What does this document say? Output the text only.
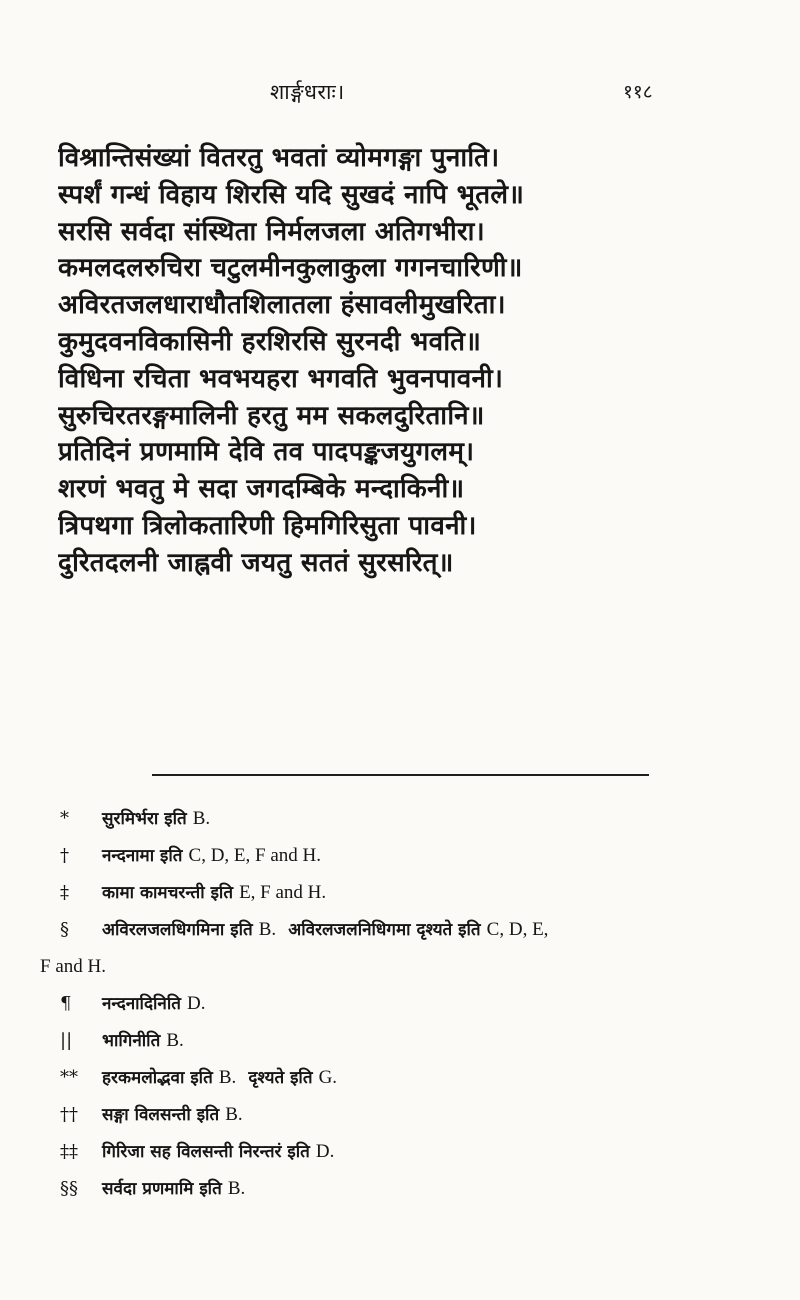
शार्ङ्गधराः।	११८
विश्रान्तिसंख्यां वितरतु भवतां व्योमगङ्गा पुनाति।
स्पर्शं गन्धं विहाय शिरसि यदि सुखदं नापि भूतले॥
सरसि सर्वदा संस्थिता निर्मलजला अतिगभीरा।
कमलदलरुचिरा चटुलमीनकुलाकुला गगनचारिणी॥
अविरतजलधाराधौतशिलातला हंसावलीमुखरिता।
कुमुदवनविकासिनी हरशिरसि सुरनदी भवति॥
विधिना रचिता भवभयहरा भगवति भुवनपावनी।
सुरुचिरतरङ्गमालिनी हरतु मम सकलदुरितानि॥
प्रतिदिनं प्रणमामि देवि तव पादपङ्कजयुगलम्।
शरणं भवतु मे सदा जगदम्बिके मन्दाकिनी॥
त्रिपथगा त्रिलोकतारिणी हिमगिरिसुता पावनी।
दुरितदलनी जाह्नवी जयतु सततं सुरसरित्॥
*	सुरमिर्भरा इति B.
†	नन्दनामा इति C, D, E, F and H.
‡	कामा कामचरन्ती इति E, F and H.
§	अविरलजलधिगमिना इति B. अविरलजलनिधिगमा दृश्यते इति C, D, E,
F and H.
¶	नन्दनादिनिति D.
||	भागिनीति B.
**	हरकमलोद्भवा इति B. दृश्यते इति G.
††	सङ्गा विलसन्ती इति B.
‡‡	गिरिजा सह विलसन्ती निरन्तरं इति D.
§§	सर्वदा प्रणमामि इति B.
